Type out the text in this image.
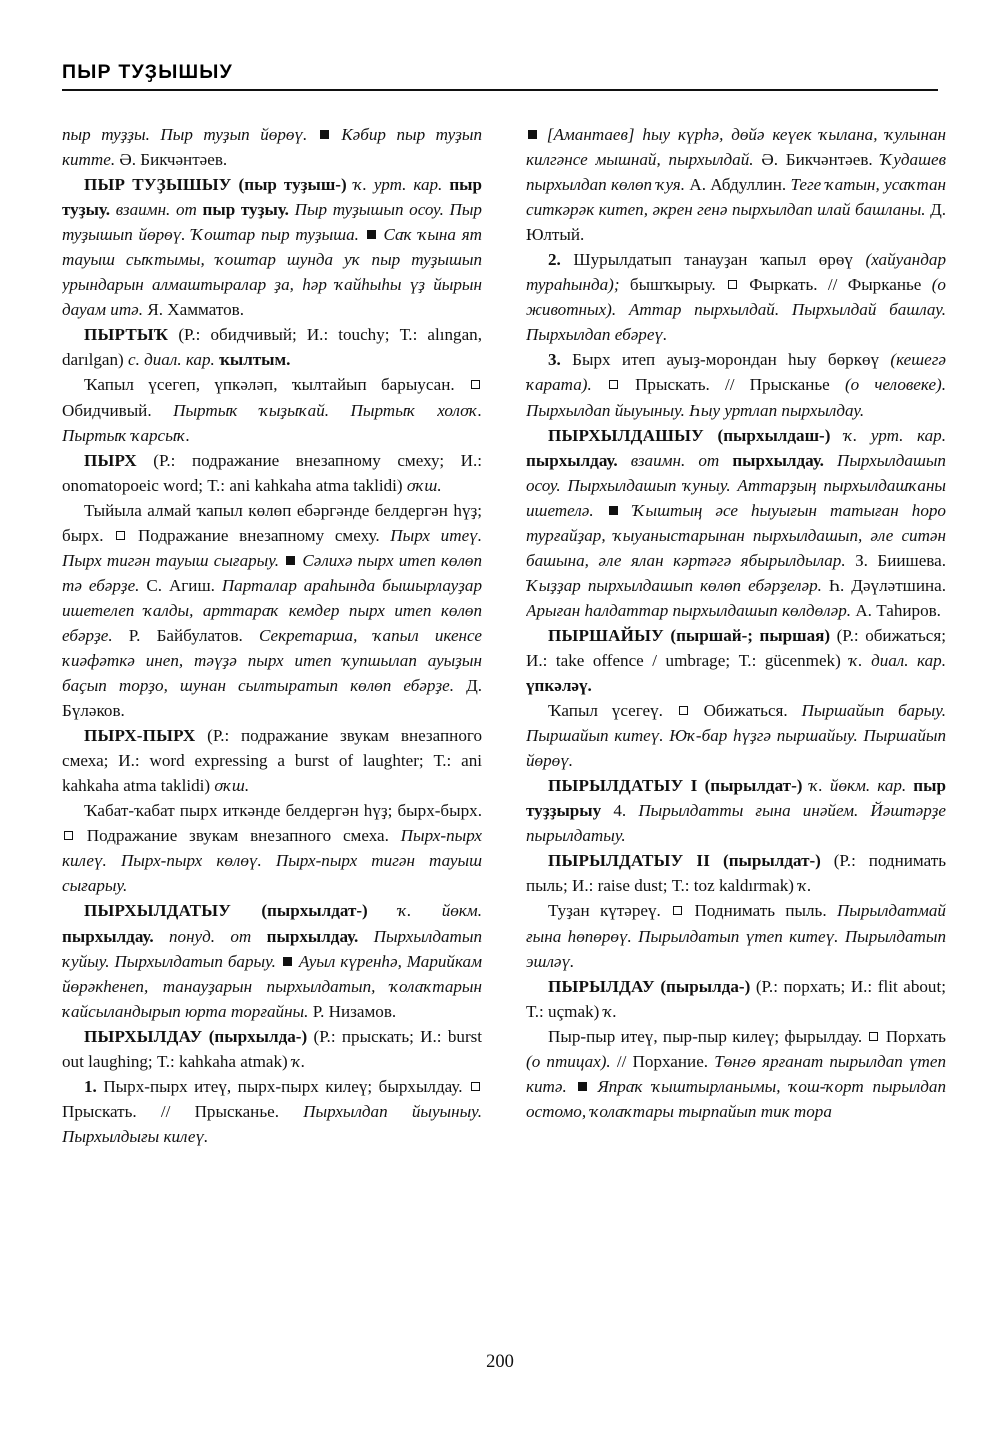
ПЫР ТУҘЫШЫУ

пыр туҙҙы. Пыр туҙып йөрөү. Кәбир пыр туҙып китте. Ә. Бикчәнтәев.

ПЫР ТУҘЫШЫУ (пыр туҙыш-) ҡ. урт. кар. пыр туҙыу. взаимн. от пыр туҙыу. Пыр туҙышып осоу. Пыр туҙышып йөрөү. Ҡоштар пыр туҙыша. Саҡ ҡына ят тауыш сыҡтымы, ҡоштар шунда уҡ пыр туҙышып урындарын алмаштыралар ҙа, һәр ҡайһыһы үҙ йырын дауам итә. Я. Хамматов.

ПЫРТЫҠ (Р.: обидчивый; И.: touchy; Т.: alıngan, darılgan) с. диал. кар. ҡылтым.

Ҡапыл үсегеп, үпкәләп, ҡылтайып барыусан.  Обидчивый. Пыртыҡ ҡыҙыҡай. Пыртыҡ холоҡ. Пыртыҡ ҡарсыҡ.

ПЫРХ (Р.: подражание внезапному смеху; И.: onomatopoeic word; Т.: ani kahkaha atma taklidi) оҡш.

Тыйыла алмай ҡапыл көлөп ебәргәнде белдергән һүҙ; бырх. Подражание внезапному смеху. Пырх итеү. Пырх тигән тауыш сығарыу. Сәлихә пырх итеп көлөп тә ебәрҙе. С. Агиш. Парталар араһында бышырлауҙар ишетелеп ҡалды, арттараҡ кемдер пырх итеп көлөп ебәрҙе. Р. Байбулатов. Секретарша, ҡапыл икенсе ҡиәфәткә инеп, тәүҙә пырх итеп ҡупшылап ауыҙын баҫып торҙо, шунан сылтыратып көлөп ебәрҙе. Д. Бүләков.

ПЫРХ-ПЫРХ (Р.: подражание звукам внезапного смеха; И.: word expressing a burst of laughter; Т.: ani kahkaha atma taklidi) оҡш.

Ҡабат-ҡабат пырх иткәнде белдергән һүҙ; бырх-бырх.  Подражание звукам внезапного смеха. Пырх-пырх килеү. Пырх-пырх көлөү. Пырх-пырх тигән тауыш сығарыу.

ПЫРХЫЛДАТЫУ (пырхылдат-) ҡ. йөкм. пырхылдау. понуд. от пырхылдау. Пырхылдатып ҡуйыу. Пырхылдатып барыу. Ауыл күренһә, Марийкам йөрәкһенеп, танауҙарын пырхылдатып, ҡолаҡтарын ҡайсыландырып юрта торғайны. Р. Низамов.

ПЫРХЫЛДАУ (пырхылда-) (Р.: прыскать; И.: burst out laughing; Т.: kahkaha atmak) ҡ.

1. Пырх-пырх итеү, пырх-пырх килеү; бырхылдау.  Прыскать. // Прысканье. Пырхылдап йыуыныу. Пырхылдығы килеү.

[Амантаев] һыу күрһә, дөйә кеүек ҡылана, ҡулынан килгәнсе мышнай, пырхылдай. Ә. Бикчәнтәев. Ҡудашев пырхылдап көлөп ҡуя. А. Абдуллин. Теге ҡатын, усаҡтан ситкәрәк китеп, әкрен генә пырхылдап илай башланы. Д. Юлтый.

2. Шурылдатып танауҙан ҡапыл өрөү (хайуандар тураһында); бышҡырыу. Фыркать. // Фырканье (о животных). Аттар пырхылдай. Пырхылдай башлау. Пырхылдап ебәреү.

3. Бырх итеп ауыҙ-морондан һыу бөркөү (кешегә ҡарата).	Прыскать. // Прысканье (о человеке). Пырхылдап йыуыныу. Һыу уртлап пырхылдау.

ПЫРХЫЛДАШЫУ (пырхылдаш-) ҡ. урт. кар. пырхылдау. взаимн. от пырхылдау. Пырхылдашып осоу. Пырхылдашып ҡуныу. Аттарҙың пырхылдашҡаны ишетелә. Ҡыштың әсе һыуығын татыған һоро турғайҙар, ҡыуаныстарынан пырхылдашып, әле ситән башына, әле ялан кәртәгә ябырылдылар. З. Биишева. Ҡыҙҙар пырхылдашып көлөп ебәрҙеләр. Һ. Дәүләтшина. Арыған һалдаттар пырхылдашып көлдөләр. А. Таһиров.

ПЫРШАЙЫУ (пыршай-; пыршая) (Р.: обижаться; И.: take offence / umbrage; Т.: gücenmek) ҡ. диал. кар. үпкәләү.

Ҡапыл үсегеү. Обижаться. Пыршайып барыу. Пыршайып китеү. Юҡ-бар һүҙгә пыршайыу. Пыршайып йөрөү.

ПЫРЫЛДАТЫУ I (пырылдат-) ҡ. йөкм. кар. пыр туҙҙырыу 4. Пырылдатты ғына инәйем. Йәштәрҙе пырылдатыу.

ПЫРЫЛДАТЫУ II (пырылдат-) (Р.: поднимать пыль; И.: raise dust; Т.: toz kaldırmak) ҡ.

Туҙан күтәреү. Поднимать пыль. Пырылдатмай ғына һөпөрөү. Пырылдатып үтеп китеү. Пырылдатып эшләү.

ПЫРЫЛДАУ (пырылда-) (Р.: порхать; И.: flit about; Т.: uçmak) ҡ.

Пыр-пыр итеү, пыр-пыр килеү; фырылдау. Порхать (о птицах). // Порхание. Төнгө ярғанат пырылдап үтеп китә. Япраҡ ҡыштырланымы, ҡош-ҡорт пырылдап остомо, ҡолаҡтары тырпайып тик тора

200
